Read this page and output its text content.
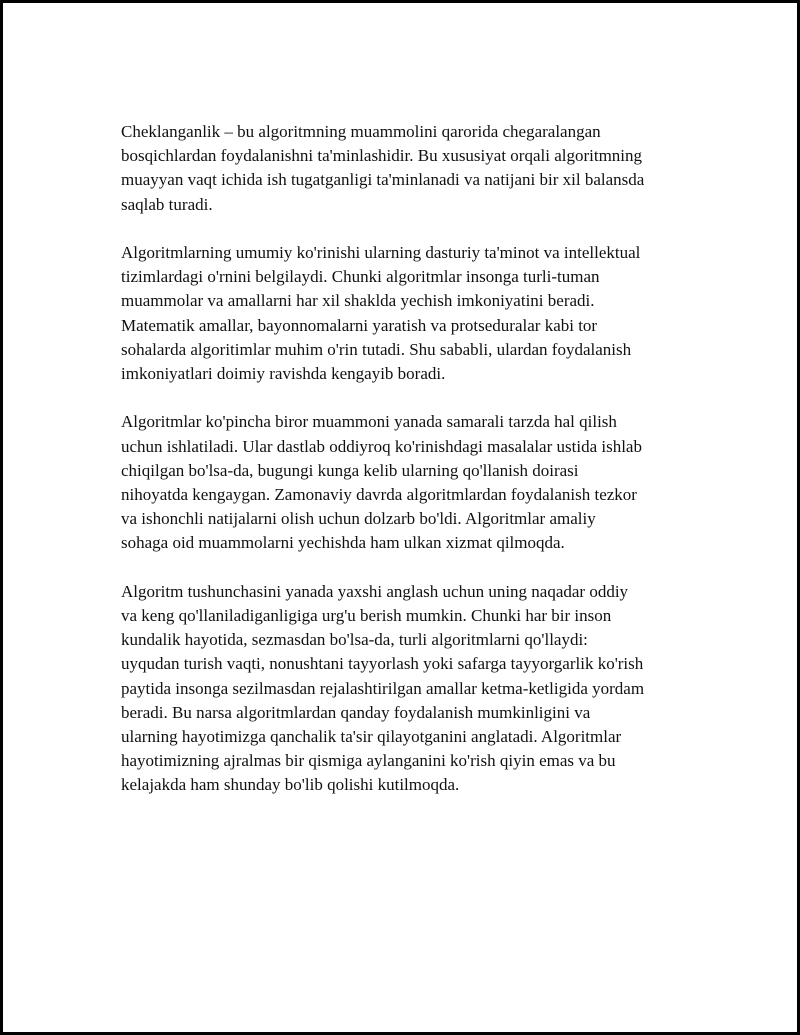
Cheklanganlik – bu algoritmning muammolini qarorida chegaralangan
bosqichlardan foydalanishni ta'minlashidir. Bu xususiyat orqali algoritmning
muayyan vaqt ichida ish tugatganligi ta'minlanadi va natijani bir xil balansda
saqlab turadi.

Algoritmlarning umumiy ko'rinishi ularning dasturiy ta'minot va intellektual
tizimlardagi o'rnini belgilaydi. Chunki algoritmlar insonga turli-tuman
muammolar va amallarni har xil shaklda yechish imkoniyatini beradi.
Matematik amallar, bayonnomalarni yaratish va protseduralar kabi tor
sohalarda algoritimlar muhim o'rin tutadi. Shu sababli, ulardan foydalanish
imkoniyatlari doimiy ravishda kengayib boradi.

Algoritmlar ko'pincha biror muammoni yanada samarali tarzda hal qilish
uchun ishlatiladi. Ular dastlab oddiyroq ko'rinishdagi masalalar ustida ishlab
chiqilgan bo'lsa-da, bugungi kunga kelib ularning qo'llanish doirasi
nihoyatda kengaygan. Zamonaviy davrda algoritmlardan foydalanish tezkor
va ishonchli natijalarni olish uchun dolzarb bo'ldi. Algoritmlar amaliy
sohaga oid muammolarni yechishda ham ulkan xizmat qilmoqda.

Algoritm tushunchasini yanada yaxshi anglash uchun uning naqadar oddiy
va keng qo'llaniladiganligiga urg'u berish mumkin. Chunki har bir inson
kundalik hayotida, sezmasdan bo'lsa-da, turli algoritmlarni qo'llaydi:
uyqudan turish vaqti, nonushtani tayyorlash yoki safarga tayyorgarlik ko'rish
paytida insonga sezilmasdan rejalashtirilgan amallar ketma-ketligida yordam
beradi. Bu narsa algoritmlardan qanday foydalanish mumkinligini va
ularning hayotimizga qanchalik ta'sir qilayotganini anglatadi. Algoritmlar
hayotimizning ajralmas bir qismiga aylanganini ko'rish qiyin emas va bu
kelajakda ham shunday bo'lib qolishi kutilmoqda.
